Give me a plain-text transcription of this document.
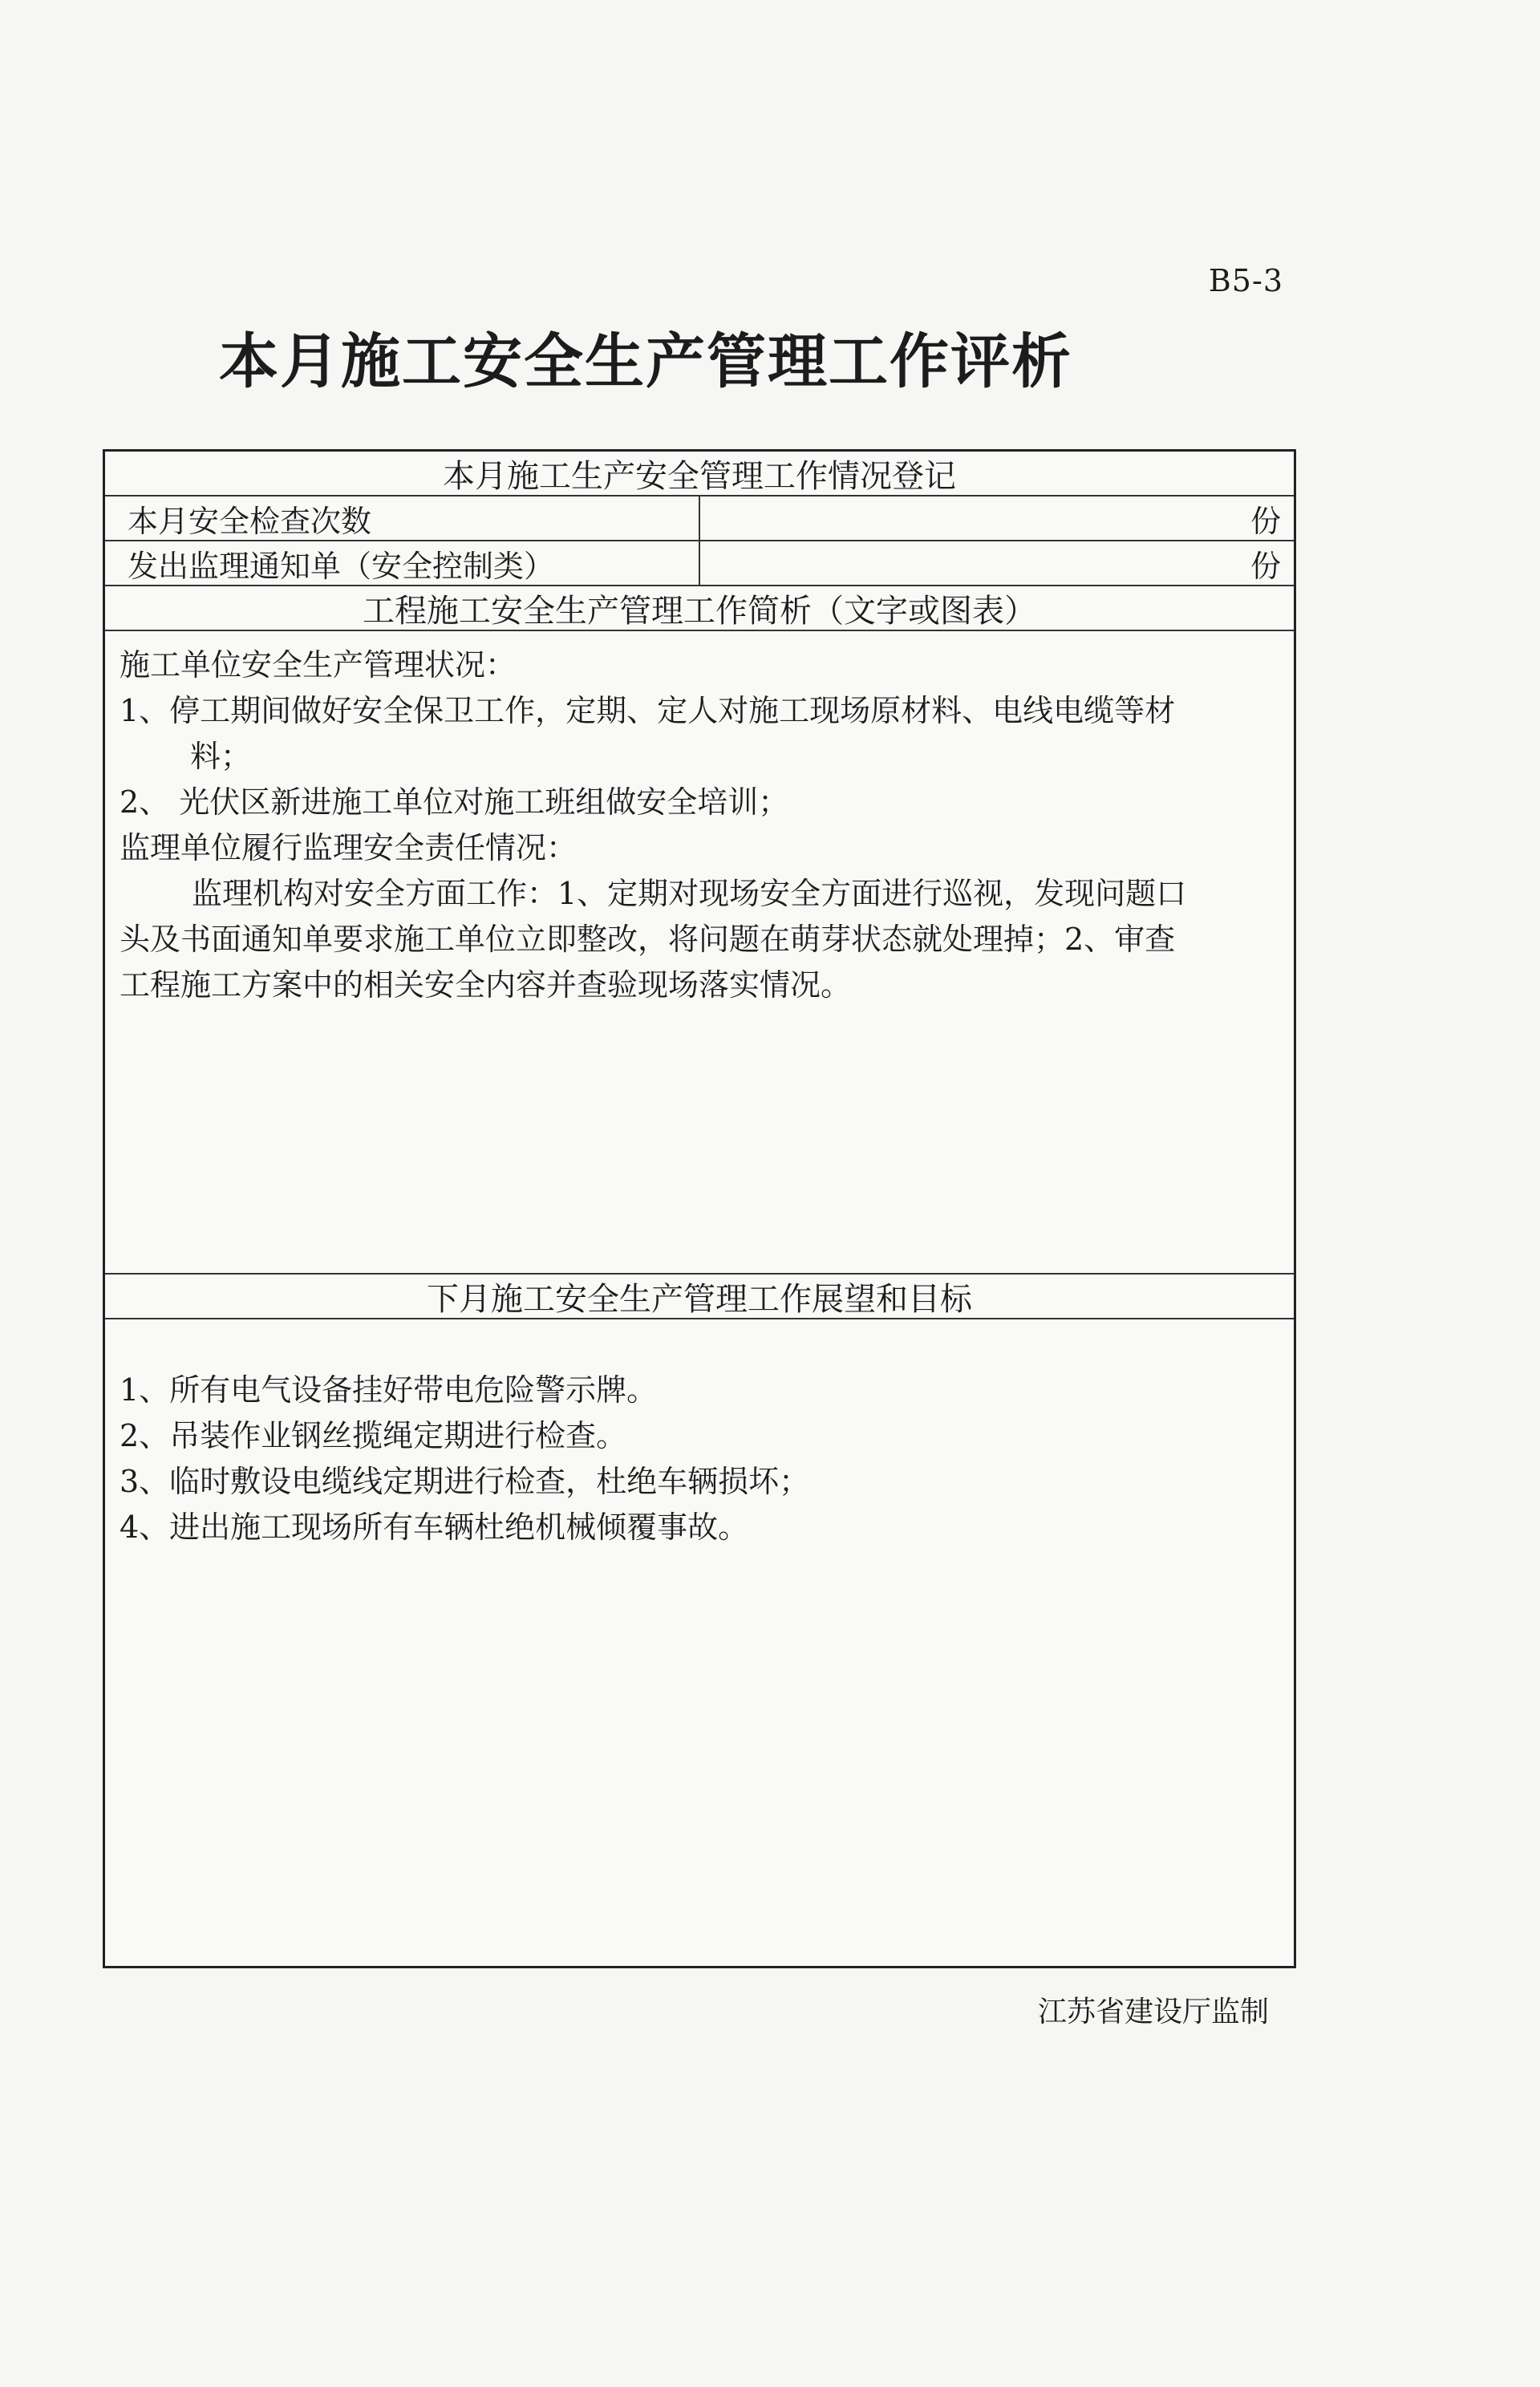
B5-3
本月施工安全生产管理工作评析
本月施工生产安全管理工作情况登记
本月安全检查次数	份
发出监理通知单（安全控制类）	份
工程施工安全生产管理工作简析（文字或图表）
施工单位安全生产管理状况：
1、停工期间做好安全保卫工作，定期、定人对施工现场原材料、电线电缆等材
料；
2、 光伏区新进施工单位对施工班组做安全培训；
监理单位履行监理安全责任情况：
监理机构对安全方面工作：1、定期对现场安全方面进行巡视，发现问题口
头及书面通知单要求施工单位立即整改，将问题在萌芽状态就处理掉；2、审查
工程施工方案中的相关安全内容并查验现场落实情况。
下月施工安全生产管理工作展望和目标
1、所有电气设备挂好带电危险警示牌。
2、吊装作业钢丝揽绳定期进行检查。
3、临时敷设电缆线定期进行检查，杜绝车辆损坏；
4、进出施工现场所有车辆杜绝机械倾覆事故。
江苏省建设厅监制
